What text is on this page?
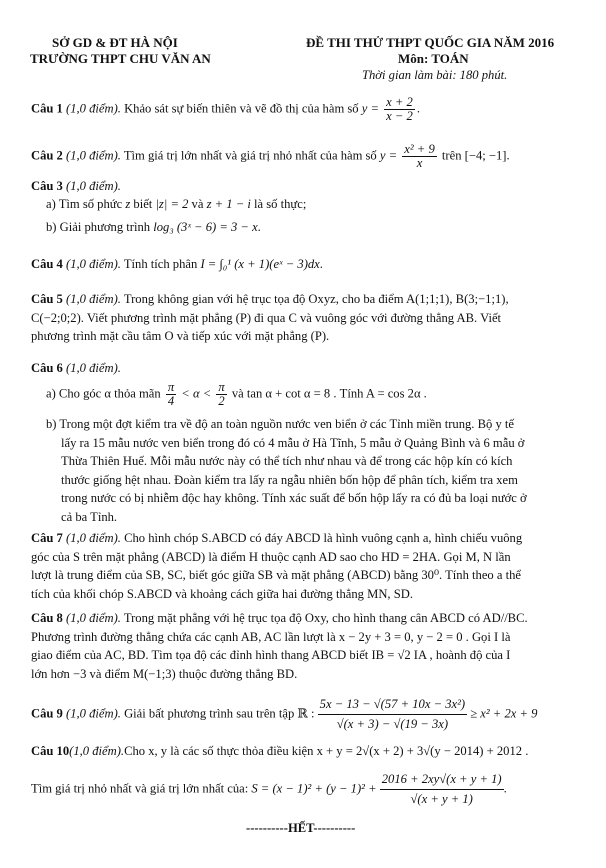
SỞ GD & ĐT HÀ NỘI
TRƯỜNG THPT CHU VĂN AN
ĐỀ THI THỬ THPT QUỐC GIA NĂM 2016
Môn: TOÁN
Thời gian làm bài: 180 phút.
Câu 1 (1,0 điểm). Khảo sát sự biến thiên và vẽ đồ thị của hàm số $y = \frac{x + 2}{x - 2}$ .
Câu 2 (1,0 điểm). Tìm giá trị lớn nhất và giá trị nhỏ nhất của hàm số $y = \frac{\text{x² + 9}}{x}$ trên [−4; −1].
Câu 3 (1,0 điểm).
a) Tìm số phức z biết |z| = 2 và z + 1 − i là số thực;
b) Giải phương trình log₃ (3ˣ − 6) = 3 − x.
Câu 4 (1,0 điểm). Tính tích phân I = ∫₀¹ (x + 1)(eˣ − 3)dx.
Câu 5 (1,0 điểm). Trong không gian với hệ trục tọa độ Oxyz, cho ba điểm A(1;1;1), B(3;−1;1),
C(−2;0;2). Viết phương trình mặt phẳng (P) đi qua C và vuông góc với đường thẳng AB. Viết
phương trình mặt cầu tâm O và tiếp xúc với mặt phẳng (P).
Câu 6 (1,0 điểm).
a) Cho góc α thỏa mãn $\frac{\pi}{4} < \alpha < \frac{\pi}{2}$ và tan α + cot α = 8 . Tính A = cos 2α .
b) Trong một đợt kiểm tra về độ an toàn nguồn nước ven biển ở các Tỉnh miền trung. Bộ y tế
lấy ra 15 mẫu nước ven biển trong đó có 4 mẫu ở Hà Tĩnh, 5 mẫu ở Quảng Bình và 6 mẫu ở
Thừa Thiên Huế. Mỗi mẫu nước này có thể tích như nhau và để trong các hộp kín có kích
thước giống hệt nhau. Đoàn kiểm tra lấy ra ngẫu nhiên bốn hộp để phân tích, kiểm tra xem
trong nước có bị nhiễm độc hay không. Tính xác suất để bốn hộp lấy ra có đủ ba loại nước ở
cả ba Tỉnh.
Câu 7 (1,0 điểm). Cho hình chóp S.ABCD có đáy ABCD là hình vuông cạnh a, hình chiếu vuông
góc của S trên mặt phẳng (ABCD) là điểm H thuộc cạnh AD sao cho HD = 2HA. Gọi M, N lần
lượt là trung điểm của SB, SC, biết góc giữa SB và mặt phẳng (ABCD) bằng 30⁰. Tính theo a thể
tích của khối chóp S.ABCD và khoảng cách giữa hai đường thẳng MN, SD.
Câu 8 (1,0 điểm). Trong mặt phẳng với hệ trục tọa độ Oxy, cho hình thang cân ABCD có AD//BC.
Phương trình đường thẳng chứa các cạnh AB, AC lần lượt là x − 2y + 3 = 0, y − 2 = 0 . Gọi I là
giao điểm của AC, BD. Tìm tọa độ các đỉnh hình thang ABCD biết IB = √2 IA , hoành độ của I
lớn hơn −3 và điểm M(−1;3) thuộc đường thẳng BD.
Câu 9 (1,0 điểm). Giải bất phương trình sau trên tập ℝ : $\frac{\text{5x − 13 − √(57 + 10x − 3x²)}}{√(x + 3) - √(19 - 3x)} \ge x^2 + 2x + 9$
Câu 10(1,0 điểm).Cho x, y là các số thực thỏa điều kiện x + y = 2√(x + 2) + 3√(y − 2014) + 2012 .
Tìm giá trị nhỏ nhất và giá trị lớn nhất của: $S = (x - 1)^2 + (y - 1)^2 + \frac{2016 + 2xy√(x + y + 1)}{√(x + y + 1)}$ .
----------HẾT----------
